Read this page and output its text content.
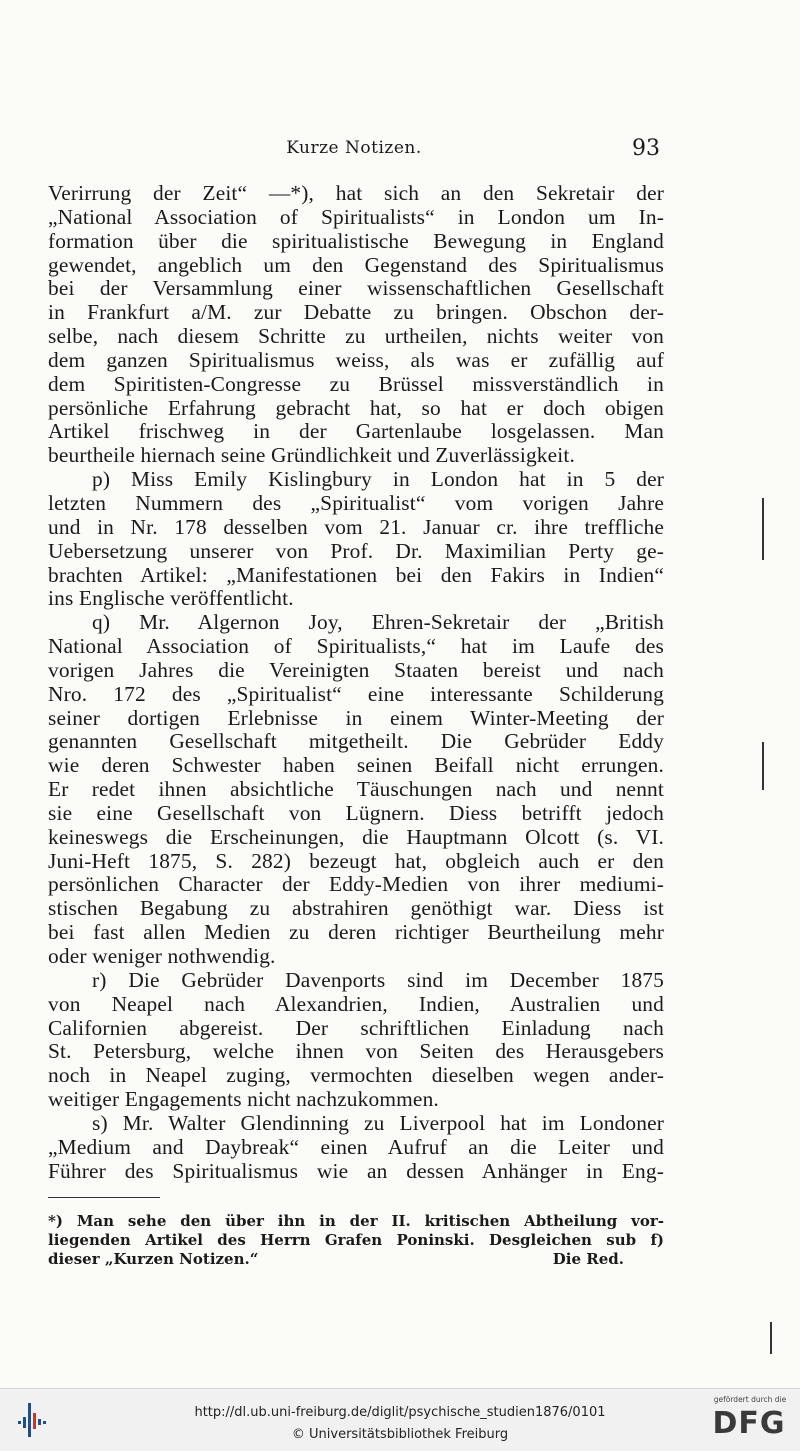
Kurze Notizen.	93
Verirrung der Zeit“ —*), hat sich an den Sekretair der
„National Association of Spiritualists“ in London um In-
formation über die spiritualistische Bewegung in England
gewendet, angeblich um den Gegenstand des Spiritualismus
bei der Versammlung einer wissenschaftlichen Gesellschaft
in Frankfurt a/M. zur Debatte zu bringen. Obschon der-
selbe, nach diesem Schritte zu urtheilen, nichts weiter von
dem ganzen Spiritualismus weiss, als was er zufällig auf
dem Spiritisten-Congresse zu Brüssel missverständlich in
persönliche Erfahrung gebracht hat, so hat er doch obigen
Artikel frischweg in der Gartenlaube losgelassen. Man
beurtheile hiernach seine Gründlichkeit und Zuverlässigkeit.
p) Miss Emily Kislingbury in London hat in 5 der
letzten Nummern des „Spiritualist“ vom vorigen Jahre
und in Nr. 178 desselben vom 21. Januar cr. ihre treffliche
Uebersetzung unserer von Prof. Dr. Maximilian Perty ge-
brachten Artikel: „Manifestationen bei den Fakirs in Indien“
ins Englische veröffentlicht.
q) Mr. Algernon Joy, Ehren-Sekretair der „British
National Association of Spiritualists,“ hat im Laufe des
vorigen Jahres die Vereinigten Staaten bereist und nach
Nro. 172 des „Spiritualist“ eine interessante Schilderung
seiner dortigen Erlebnisse in einem Winter-Meeting der
genannten Gesellschaft mitgetheilt. Die Gebrüder Eddy
wie deren Schwester haben seinen Beifall nicht errungen.
Er redet ihnen absichtliche Täuschungen nach und nennt
sie eine Gesellschaft von Lügnern. Diess betrifft jedoch
keineswegs die Erscheinungen, die Hauptmann Olcott (s. VI.
Juni-Heft 1875, S. 282) bezeugt hat, obgleich auch er den
persönlichen Character der Eddy-Medien von ihrer mediumi-
stischen Begabung zu abstrahiren genöthigt war. Diess ist
bei fast allen Medien zu deren richtiger Beurtheilung mehr
oder weniger nothwendig.
r) Die Gebrüder Davenports sind im December 1875
von Neapel nach Alexandrien, Indien, Australien und
Californien abgereist. Der schriftlichen Einladung nach
St. Petersburg, welche ihnen von Seiten des Herausgebers
noch in Neapel zuging, vermochten dieselben wegen ander-
weitiger Engagements nicht nachzukommen.
s) Mr. Walter Glendinning zu Liverpool hat im Londoner
„Medium and Daybreak“ einen Aufruf an die Leiter und
Führer des Spiritualismus wie an dessen Anhänger in Eng-
*) Man sehe den über ihn in der II. kritischen Abtheilung vor-
liegenden Artikel des Herrn Grafen Poninski. Desgleichen sub f)
dieser „Kurzen Notizen.“	Die Red.
http://dl.ub.uni-freiburg.de/diglit/psychische_studien1876/0101
© Universitätsbibliothek Freiburg
gefördert durch die
DFG
